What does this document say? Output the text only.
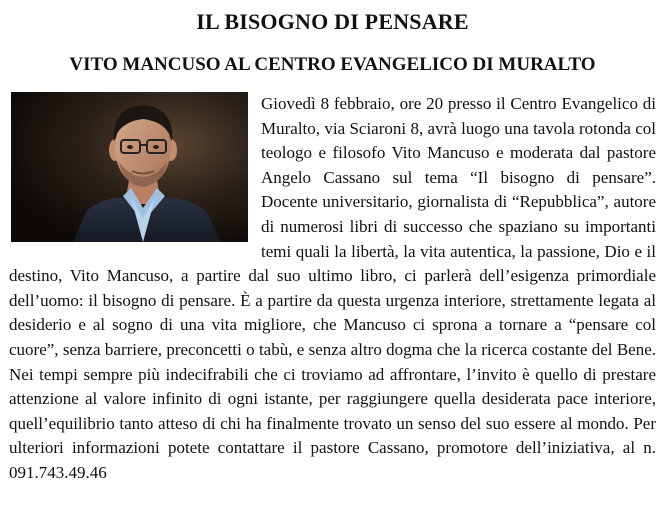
IL BISOGNO DI PENSARE
VITO MANCUSO AL CENTRO EVANGELICO DI MURALTO
Giovedì 8 febbraio, ore 20 presso il Centro Evangelico di Muralto, via Sciaroni 8, avrà luogo una tavola rotonda col teologo e filosofo Vito Mancuso e moderata dal pastore Angelo Cassano sul tema “Il bisogno di pensare”. Docente universitario, giornalista di “Repubblica”, autore di numerosi libri di successo che spaziano su importanti temi quali la libertà, la vita autentica, la passione, Dio e il destino, Vito Mancuso, a partire dal suo ultimo libro, ci parlerà dell’esigenza primordiale dell’uomo: il bisogno di pensare. È a partire da questa urgenza interiore, strettamente legata al desiderio e al sogno di una vita migliore, che Mancuso ci sprona a tornare a “pensare col cuore”, senza barriere, preconcetti o tabù, e senza altro dogma che la ricerca costante del Bene. Nei tempi sempre più indecifrabili che ci troviamo ad affrontare, l’invito è quello di prestare attenzione al valore infinito di ogni istante, per raggiungere quella desiderata pace interiore, quell’equilibrio tanto atteso di chi ha finalmente trovato un senso del suo essere al mondo. Per ulteriori informazioni potete contattare il pastore Cassano, promotore dell’iniziativa, al n. 091.743.49.46
